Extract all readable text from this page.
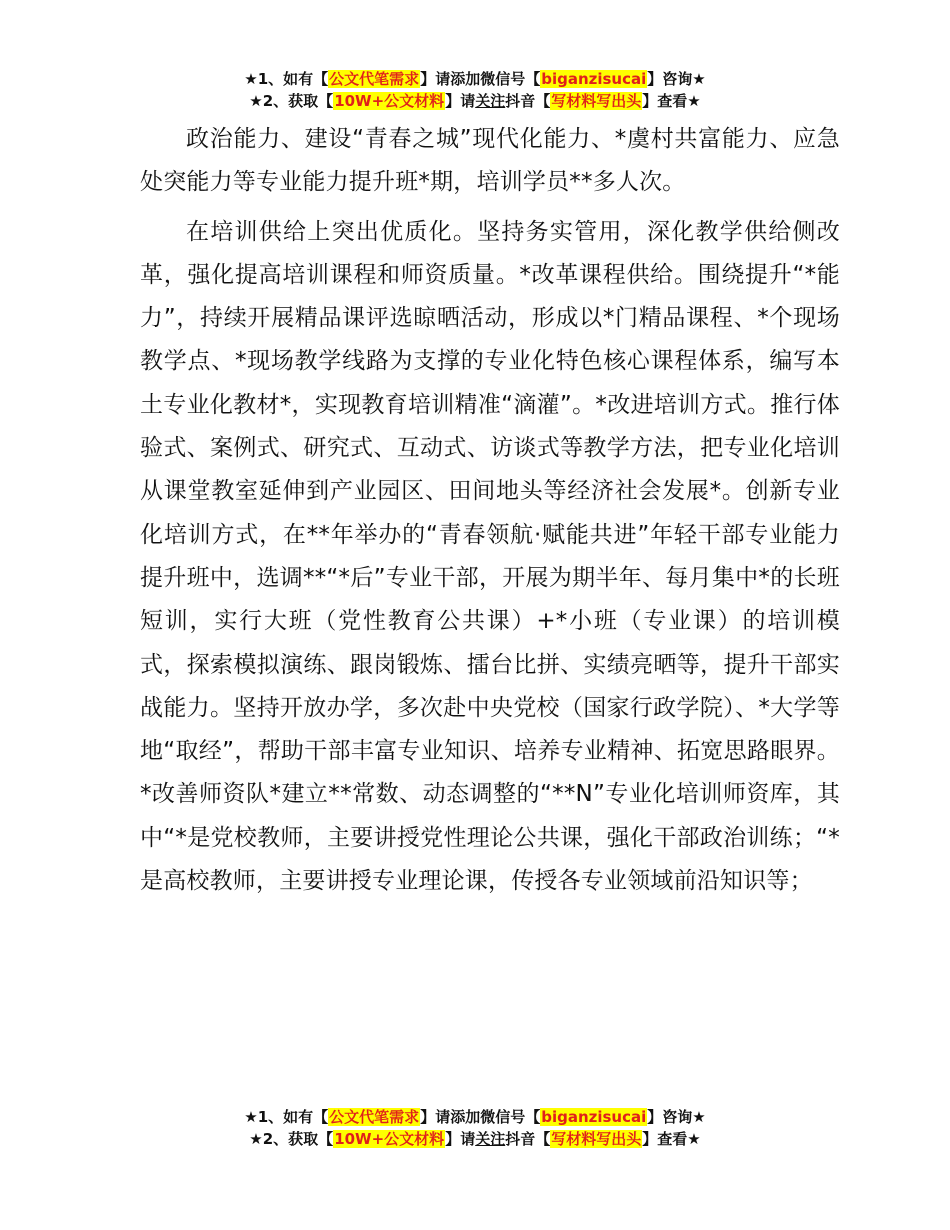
★1、如有【公文代笔需求】请添加微信号【biganzisucai】咨询★
★2、获取【10W+公文材料】请关注抖音【写材料写出头】查看★

政治能力、建设“青春之城”现代化能力、*虞村共富能力、应急处突能力等专业能力提升班*期，培训学员**多人次。

在培训供给上突出优质化。坚持务实管用，深化教学供给侧改革，强化提高培训课程和师资质量。*改革课程供给。围绕提升“*能力”，持续开展精品课评选晾晒活动，形成以*门精品课程、*个现场教学点、*现场教学线路为支撑的专业化特色核心课程体系，编写本土专业化教材*，实现教育培训精准“滴灌”。*改进培训方式。推行体验式、案例式、研究式、互动式、访谈式等教学方法，把专业化培训从课堂教室延伸到产业园区、田间地头等经济社会发展*。创新专业化培训方式，在**年举办的“青春领航·赋能共进”年轻干部专业能力提升班中，选调**“*后”专业干部，开展为期半年、每月集中*的长班短训，实行大班（党性教育公共课）+*小班（专业课）的培训模式，探索模拟演练、跟岗锻炼、擂台比拼、实绩亮晒等，提升干部实战能力。坚持开放办学，多次赴中央党校（国家行政学院）、*大学等地“取经”，帮助干部丰富专业知识、培养专业精神、拓宽思路眼界。*改善师资队*建立**常数、动态调整的“**N”专业化培训师资库，其中“*是党校教师，主要讲授党性理论公共课，强化干部政治训练；“*是高校教师，主要讲授专业理论课，传授各专业领域前沿知识等；

★1、如有【公文代笔需求】请添加微信号【biganzisucai】咨询★
★2、获取【10W+公文材料】请关注抖音【写材料写出头】查看★
